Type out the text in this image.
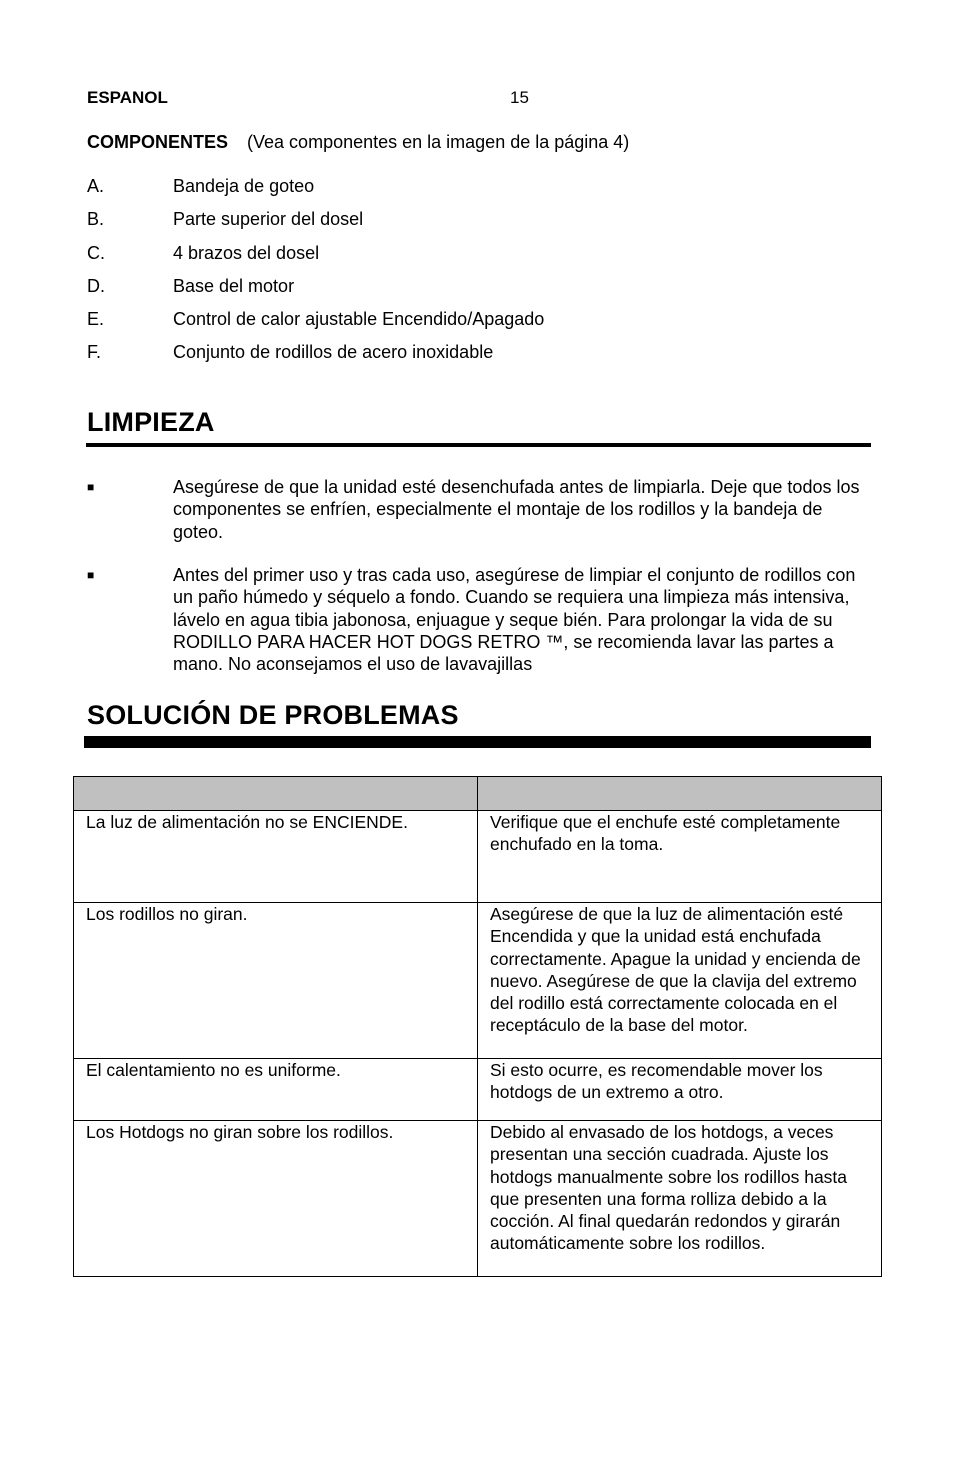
ESPANOL	15
COMPONENTES (Vea componentes en la imagen de la página 4)
A.	Bandeja de goteo
B.	Parte superior del dosel
C.	4 brazos del dosel
D.	Base del motor
E.	Control de calor ajustable Encendido/Apagado
F.	Conjunto de rodillos de acero inoxidable
LIMPIEZA
■	Asegúrese de que la unidad esté desenchufada antes de limpiarla. Deje que todos los componentes se enfríen, especialmente el montaje de los rodillos y la bandeja de goteo.
■	Antes del primer uso y tras cada uso, asegúrese de limpiar el conjunto de rodillos con un paño húmedo y séquelo a fondo. Cuando se requiera una limpieza más intensiva, lávelo en agua tibia jabonosa, enjuague y seque bién. Para prolongar la vida de su RODILLO PARA HACER HOT DOGS RETRO ™, se recomienda lavar las partes a mano. No aconsejamos el uso de lavavajillas
SOLUCIÓN DE PROBLEMAS

La luz de alimentación no se ENCIENDE.	Verifique que el enchufe esté completamente enchufado en la toma.
Los rodillos no giran.	Asegúrese de que la luz de alimentación esté Encendida y que la unidad está enchufada correctamente. Apague la unidad y encienda de nuevo. Asegúrese de que la clavija del extremo del rodillo está correctamente colocada en el receptáculo de la base del motor.
El calentamiento no es uniforme.	Si esto ocurre, es recomendable mover los hotdogs de un extremo a otro.
Los Hotdogs no giran sobre los rodillos.	Debido al envasado de los hotdogs, a veces presentan una sección cuadrada. Ajuste los hotdogs manualmente sobre los rodillos hasta que presenten una forma rolliza debido a la cocción. Al final quedarán redondos y girarán automáticamente sobre los rodillos.
